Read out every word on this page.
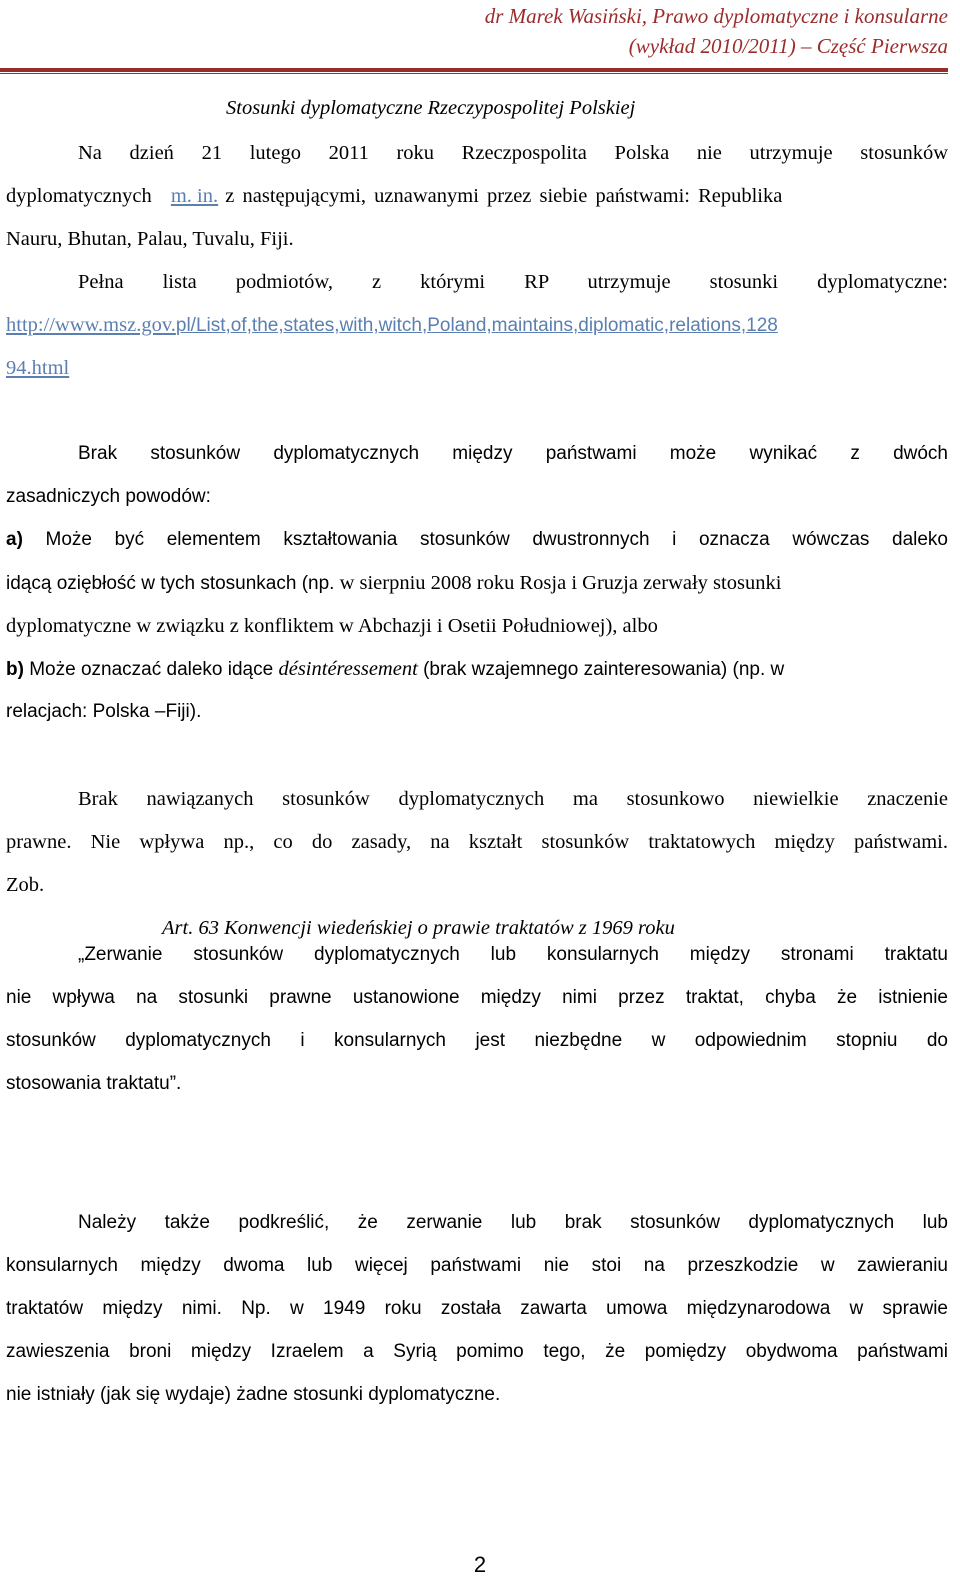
dr Marek Wasiński, Prawo dyplomatyczne i konsularne
(wykład 2010/2011) – Część Pierwsza
Stosunki dyplomatyczne Rzeczypospolitej Polskiej
Na dzień 21 lutego 2011 roku Rzeczpospolita Polska nie utrzymuje stosunków
dyplomatycznych m. in. z następującymi, uznawanymi przez siebie państwami: Republika
Nauru, Bhutan, Palau, Tuvalu, Fiji.
Pełna lista podmiotów, z którymi RP utrzymuje stosunki dyplomatyczne:
http://www.msz.gov.pl/List,of,the,states,with,witch,Poland,maintains,diplomatic,relations,128
94.html
Brak stosunków dyplomatycznych między państwami może wynikać z dwóch
zasadniczych powodów:
a) Może być elementem kształtowania stosunków dwustronnych i oznacza wówczas daleko
idącą oziębłość w tych stosunkach (np. w sierpniu 2008 roku Rosja i Gruzja zerwały stosunki
dyplomatyczne w związku z konfliktem w Abchazji i Osetii Południowej), albo
b) Może oznaczać daleko idące désintéressement (brak wzajemnego zainteresowania) (np. w
relacjach: Polska –Fiji).
Brak nawiązanych stosunków dyplomatycznych ma stosunkowo niewielkie znaczenie
prawne. Nie wpływa np., co do zasady, na kształt stosunków traktatowych między państwami.
Zob.
Art. 63 Konwencji wiedeńskiej o prawie traktatów z 1969 roku
„Zerwanie stosunków dyplomatycznych lub konsularnych między stronami traktatu
nie wpływa na stosunki prawne ustanowione między nimi przez traktat, chyba że istnienie
stosunków dyplomatycznych i konsularnych jest niezbędne w odpowiednim stopniu do
stosowania traktatu”.
Należy także podkreślić, że zerwanie lub brak stosunków dyplomatycznych lub
konsularnych między dwoma lub więcej państwami nie stoi na przeszkodzie w zawieraniu
traktatów między nimi. Np. w 1949 roku została zawarta umowa międzynarodowa w sprawie
zawieszenia broni między Izraelem a Syrią pomimo tego, że pomiędzy obydwoma państwami
nie istniały (jak się wydaje) żadne stosunki dyplomatyczne.
2
